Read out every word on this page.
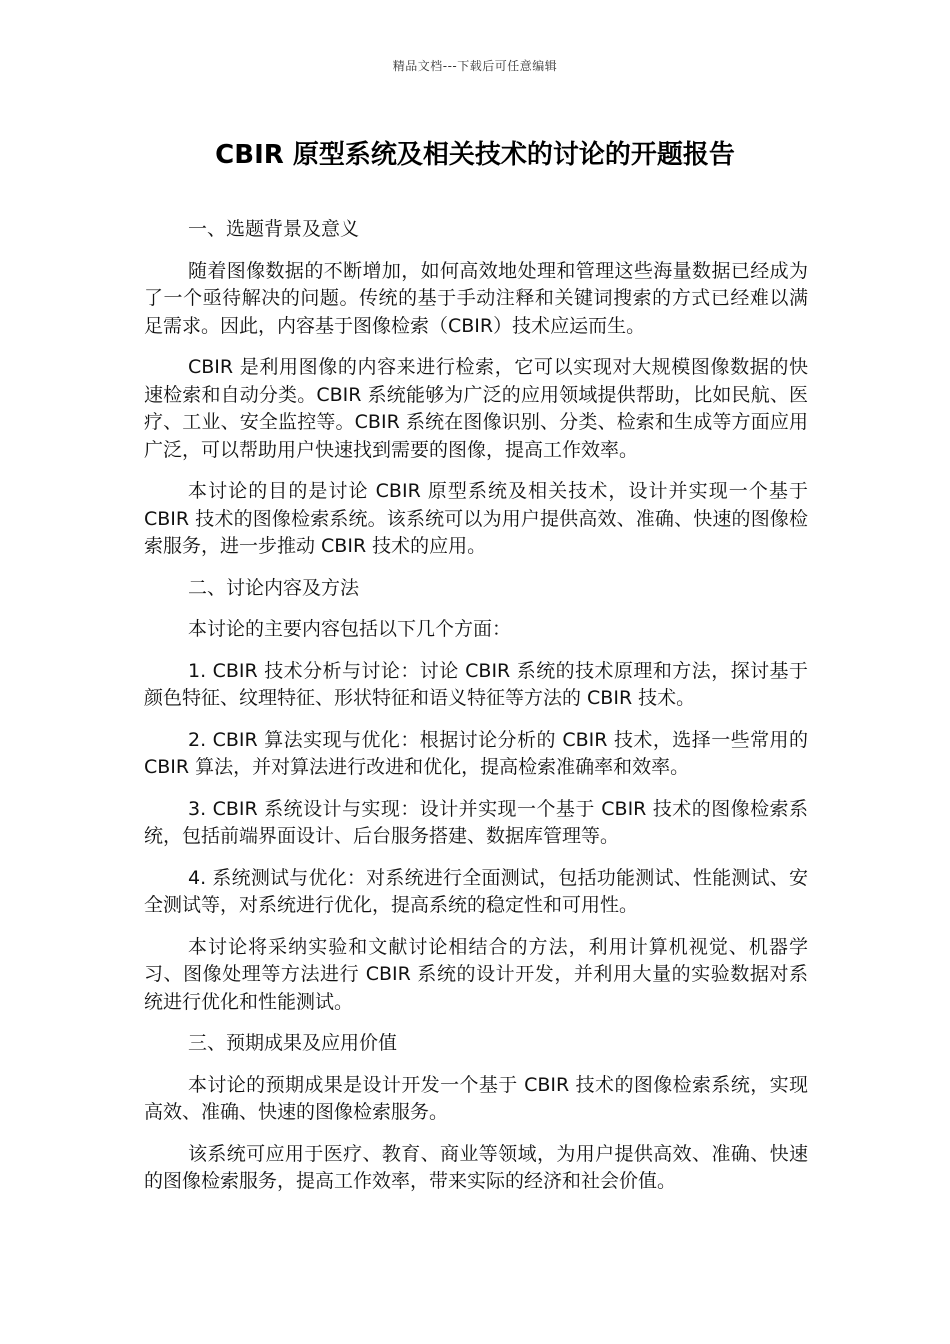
精品文档---下载后可任意编辑
CBIR 原型系统及相关技术的讨论的开题报告

一、选题背景及意义

随着图像数据的不断增加，如何高效地处理和管理这些海量数据已经成为了一个亟待解决的问题。传统的基于手动注释和关键词搜索的方式已经难以满足需求。因此，内容基于图像检索（CBIR）技术应运而生。

CBIR 是利用图像的内容来进行检索，它可以实现对大规模图像数据的快速检索和自动分类。CBIR 系统能够为广泛的应用领域提供帮助，比如民航、医疗、工业、安全监控等。CBIR 系统在图像识别、分类、检索和生成等方面应用广泛，可以帮助用户快速找到需要的图像，提高工作效率。

本讨论的目的是讨论 CBIR 原型系统及相关技术，设计并实现一个基于 CBIR 技术的图像检索系统。该系统可以为用户提供高效、准确、快速的图像检索服务，进一步推动 CBIR 技术的应用。

二、讨论内容及方法

本讨论的主要内容包括以下几个方面：

1. CBIR 技术分析与讨论：讨论 CBIR 系统的技术原理和方法，探讨基于颜色特征、纹理特征、形状特征和语义特征等方法的 CBIR 技术。

2. CBIR 算法实现与优化：根据讨论分析的 CBIR 技术，选择一些常用的 CBIR 算法，并对算法进行改进和优化，提高检索准确率和效率。

3. CBIR 系统设计与实现：设计并实现一个基于 CBIR 技术的图像检索系统，包括前端界面设计、后台服务搭建、数据库管理等。

4. 系统测试与优化：对系统进行全面测试，包括功能测试、性能测试、安全测试等，对系统进行优化，提高系统的稳定性和可用性。

本讨论将采纳实验和文献讨论相结合的方法，利用计算机视觉、机器学习、图像处理等方法进行 CBIR 系统的设计开发，并利用大量的实验数据对系统进行优化和性能测试。

三、预期成果及应用价值

本讨论的预期成果是设计开发一个基于 CBIR 技术的图像检索系统，实现高效、准确、快速的图像检索服务。

该系统可应用于医疗、教育、商业等领域，为用户提供高效、准确、快速的图像检索服务，提高工作效率，带来实际的经济和社会价值。
